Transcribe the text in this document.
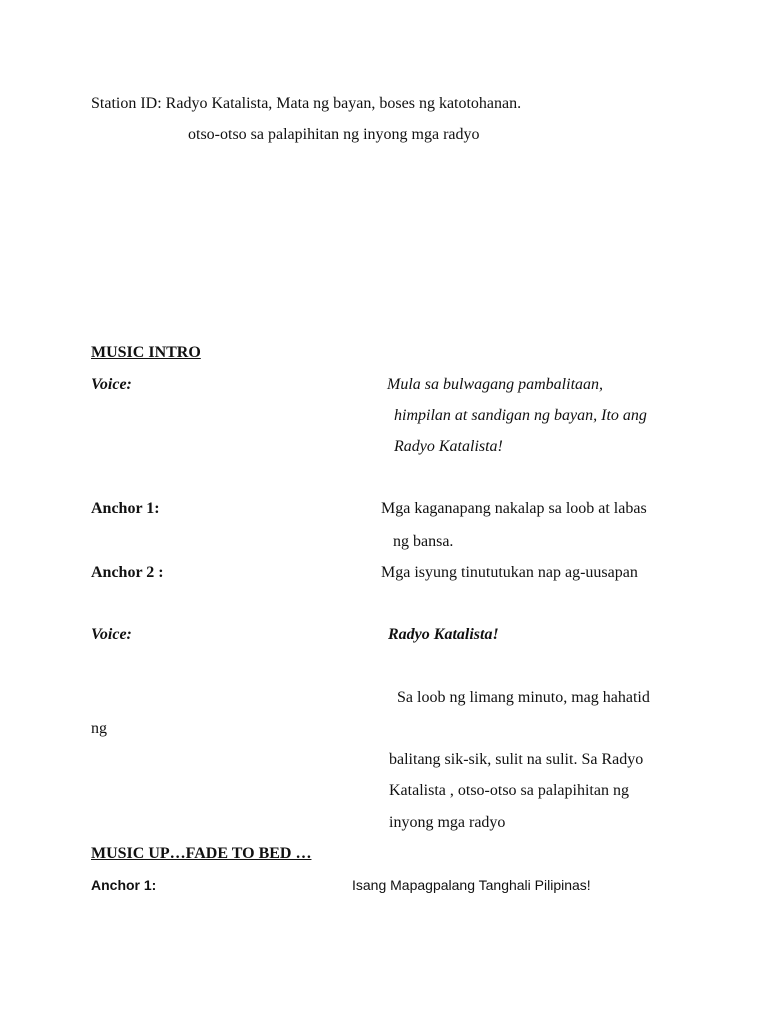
Station ID: Radyo Katalista, Mata ng bayan, boses ng katotohanan.

otso-otso sa palapihitan ng inyong mga radyo

MUSIC INTRO

Voice:	Mula sa bulwagang pambalitaan,

himpilan at sandigan ng bayan, Ito ang

Radyo Katalista!

Anchor 1:	Mga kaganapang nakalap sa loob at labas

ng bansa.

Anchor 2 :	Mga isyung tinututukan nap ag-uusapan

Voice:	Radyo Katalista!

Sa loob ng limang minuto, mag hahatid

ng

balitang sik-sik, sulit na sulit. Sa Radyo

Katalista , otso-otso sa palapihitan ng

inyong mga radyo

MUSIC UP…FADE TO BED …

Anchor 1:	Isang Mapagpalang Tanghali Pilipinas!
